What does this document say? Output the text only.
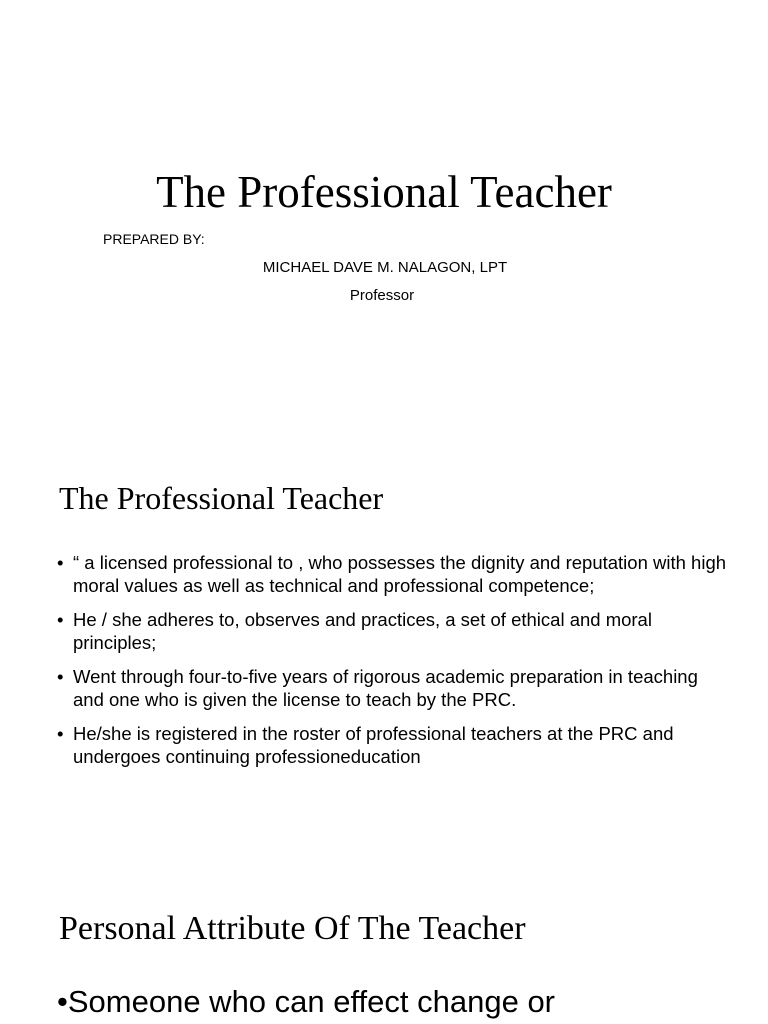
The Professional Teacher

PREPARED BY:

MICHAEL DAVE M. NALAGON, LPT

Professor

The Professional Teacher
• “ a licensed professional to , who possesses the dignity and reputation with high moral values as well as technical and professional competence;
• He / she adheres to, observes and practices, a set of ethical and moral principles;
• Went through four-to-five years of rigorous academic preparation in teaching and one who is given the license to teach by the PRC.
• He/she is registered in the roster of professional teachers at the PRC and undergoes continuing professioneducation
Personal Attribute Of The Teacher
•Someone who can effect change or
